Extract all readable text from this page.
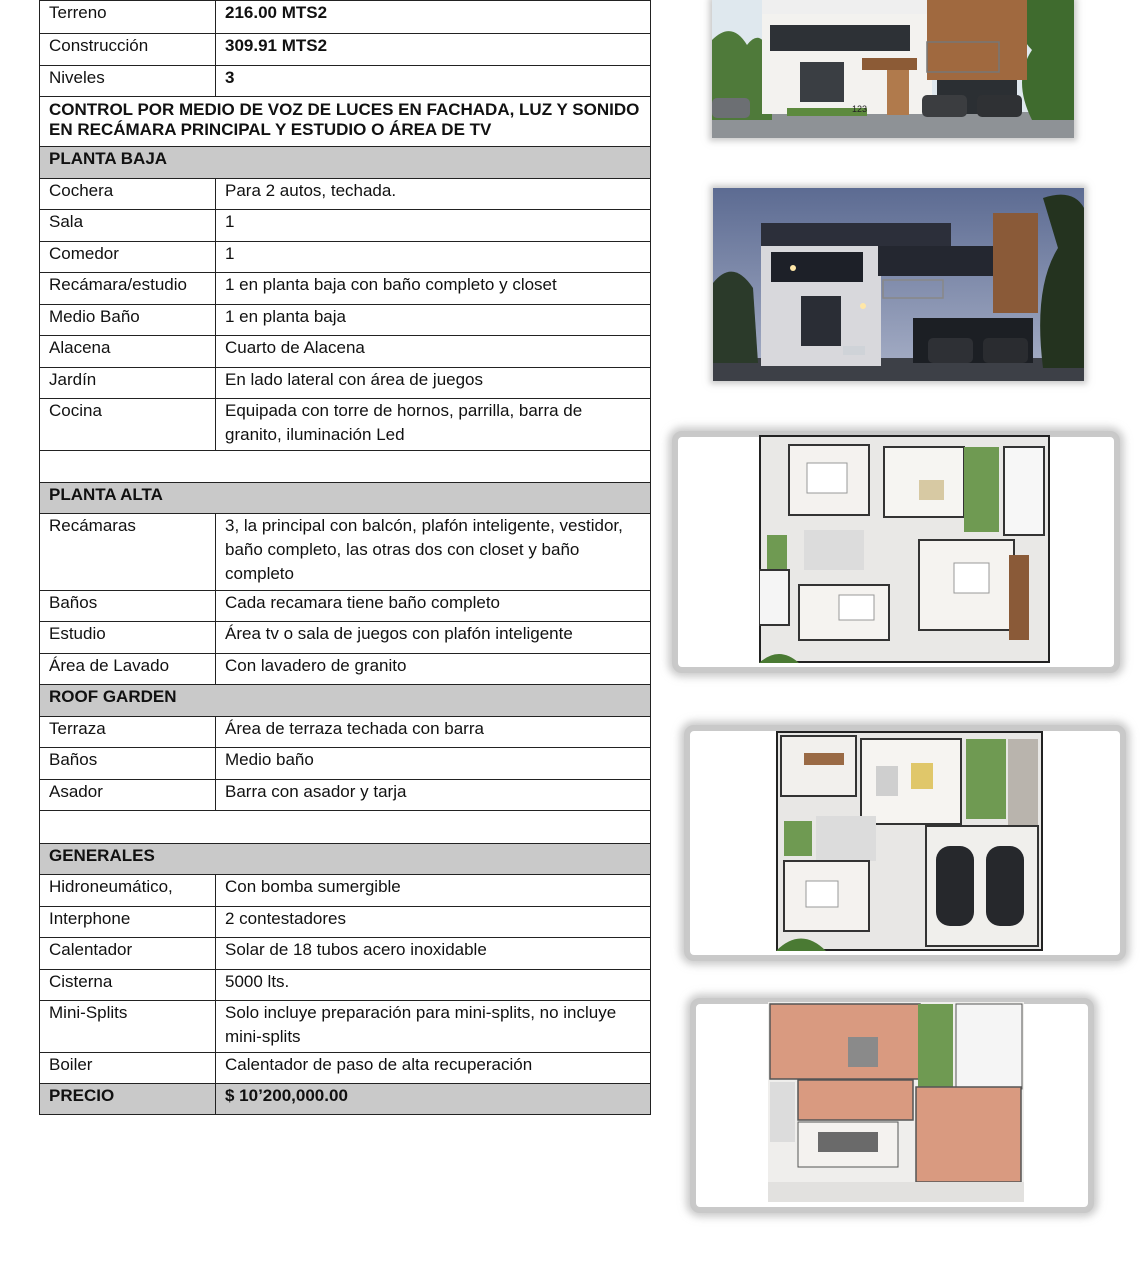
Terreno	216.00 MTS2
Construcción	309.91 MTS2
Niveles	3
CONTROL POR MEDIO DE VOZ DE LUCES EN FACHADA, LUZ Y SONIDO EN RECÁMARA PRINCIPAL Y ESTUDIO O ÁREA DE TV	
PLANTA BAJA	
Cochera	Para 2 autos, techada.
Sala	1
Comedor	1
Recámara/estudio	1 en planta baja con baño completo y closet
Medio Baño	1 en planta baja
Alacena	Cuarto de Alacena
Jardín	En lado lateral con área de juegos
Cocina	Equipada con torre de hornos, parrilla, barra de granito, iluminación Led

PLANTA ALTA	
Recámaras	3, la principal con balcón, plafón inteligente, vestidor, baño completo, las otras dos con closet y baño completo
Baños	Cada recamara tiene baño completo
Estudio	Área tv o sala de juegos con plafón inteligente
Área de Lavado	Con lavadero de granito
ROOF GARDEN	
Terraza	Área de terraza techada con barra
Baños	Medio baño
Asador	Barra con asador y tarja

GENERALES	
Hidroneumático,	Con bomba sumergible
Interphone	2 contestadores
Calentador	Solar de 18 tubos acero inoxidable
Cisterna	5000 lts.
Mini-Splits	Solo incluye preparación para mini-splits, no incluye mini-splits
Boiler	Calentador de paso de alta recuperación
PRECIO	$ 10’200,000.00
123
